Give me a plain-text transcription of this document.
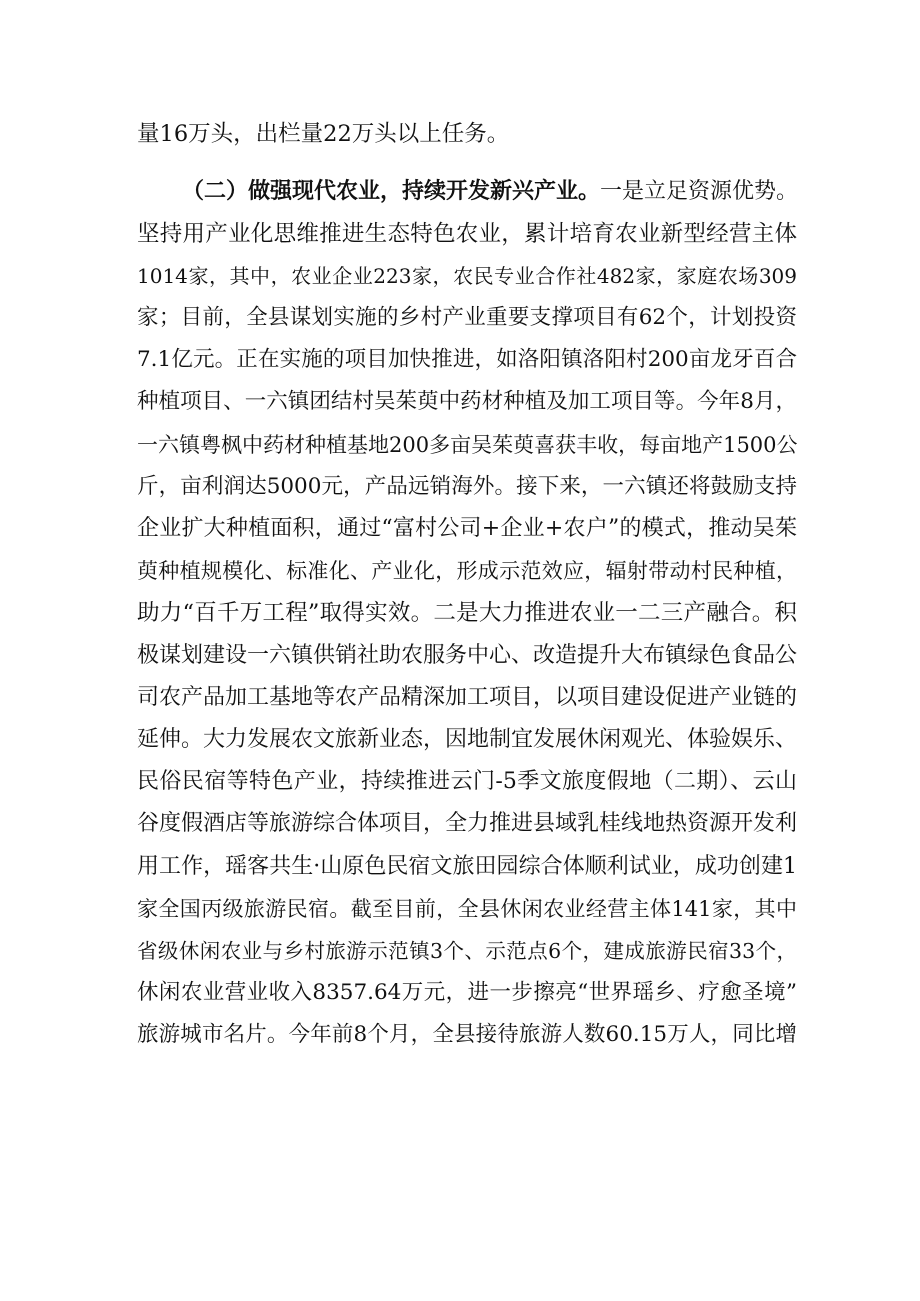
量16万头，出栏量22万头以上任务。
（二）做强现代农业，持续开发新兴产业。一是立足资源优势。
坚持用产业化思维推进生态特色农业，累计培育农业新型经营主体
1014家，其中，农业企业223家，农民专业合作社482家，家庭农场309
家；目前，全县谋划实施的乡村产业重要支撑项目有62个，计划投资
7.1亿元。正在实施的项目加快推进，如洛阳镇洛阳村200亩龙牙百合
种植项目、一六镇团结村吴茱萸中药材种植及加工项目等。今年8月，
一六镇粤枫中药材种植基地200多亩吴茱萸喜获丰收，每亩地产1500公
斤，亩利润达5000元，产品远销海外。接下来，一六镇还将鼓励支持
企业扩大种植面积，通过“富村公司+企业+农户”的模式，推动吴茱
萸种植规模化、标准化、产业化，形成示范效应，辐射带动村民种植，
助力“百千万工程”取得实效。二是大力推进农业一二三产融合。积
极谋划建设一六镇供销社助农服务中心、改造提升大布镇绿色食品公
司农产品加工基地等农产品精深加工项目，以项目建设促进产业链的
延伸。大力发展农文旅新业态，因地制宜发展休闲观光、体验娱乐、
民俗民宿等特色产业，持续推进云门-5季文旅度假地（二期）、云山
谷度假酒店等旅游综合体项目，全力推进县域乳桂线地热资源开发利
用工作，瑶客共生·山原色民宿文旅田园综合体顺利试业，成功创建1
家全国丙级旅游民宿。截至目前，全县休闲农业经营主体141家，其中
省级休闲农业与乡村旅游示范镇3个、示范点6个，建成旅游民宿33个，
休闲农业营业收入8357.64万元，进一步擦亮“世界瑶乡、疗愈圣境”
旅游城市名片。今年前8个月，全县接待旅游人数60.15万人，同比增
